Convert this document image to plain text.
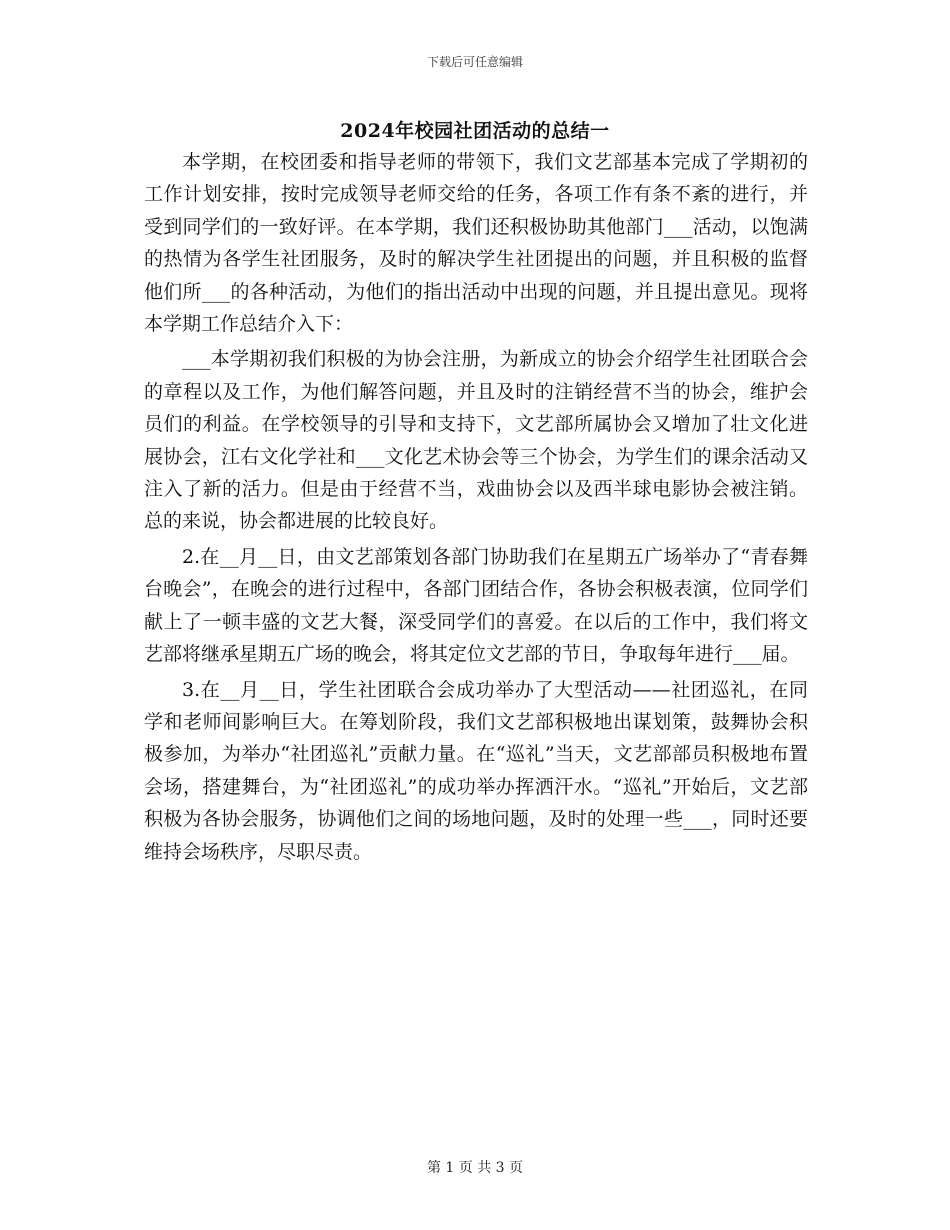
下载后可任意编辑
2024年校园社团活动的总结一

本学期，在校团委和指导老师的带领下，我们文艺部基本完成了学期初的工作计划安排，按时完成领导老师交给的任务，各项工作有条不紊的进行，并受到同学们的一致好评。在本学期，我们还积极协助其他部门___活动，以饱满的热情为各学生社团服务，及时的解决学生社团提出的问题，并且积极的监督他们所___的各种活动，为他们的指出活动中出现的问题，并且提出意见。现将本学期工作总结介入下：

___本学期初我们积极的为协会注册，为新成立的协会介绍学生社团联合会的章程以及工作，为他们解答问题，并且及时的注销经营不当的协会，维护会员们的利益。在学校领导的引导和支持下，文艺部所属协会又增加了壮文化进展协会，江右文化学社和___文化艺术协会等三个协会，为学生们的课余活动又注入了新的活力。但是由于经营不当，戏曲协会以及西半球电影协会被注销。总的来说，协会都进展的比较良好。

2.在__月__日，由文艺部策划各部门协助我们在星期五广场举办了“青春舞台晚会”，在晚会的进行过程中，各部门团结合作，各协会积极表演，位同学们献上了一顿丰盛的文艺大餐，深受同学们的喜爱。在以后的工作中，我们将文艺部将继承星期五广场的晚会，将其定位文艺部的节日，争取每年进行___届。

3.在__月__日，学生社团联合会成功举办了大型活动——社团巡礼，在同学和老师间影响巨大。在筹划阶段，我们文艺部积极地出谋划策，鼓舞协会积极参加，为举办“社团巡礼”贡献力量。在“巡礼”当天，文艺部部员积极地布置会场，搭建舞台，为“社团巡礼”的成功举办挥洒汗水。“巡礼”开始后，文艺部积极为各协会服务，协调他们之间的场地问题，及时的处理一些___，同时还要维持会场秩序，尽职尽责。

第 1 页 共 3 页
